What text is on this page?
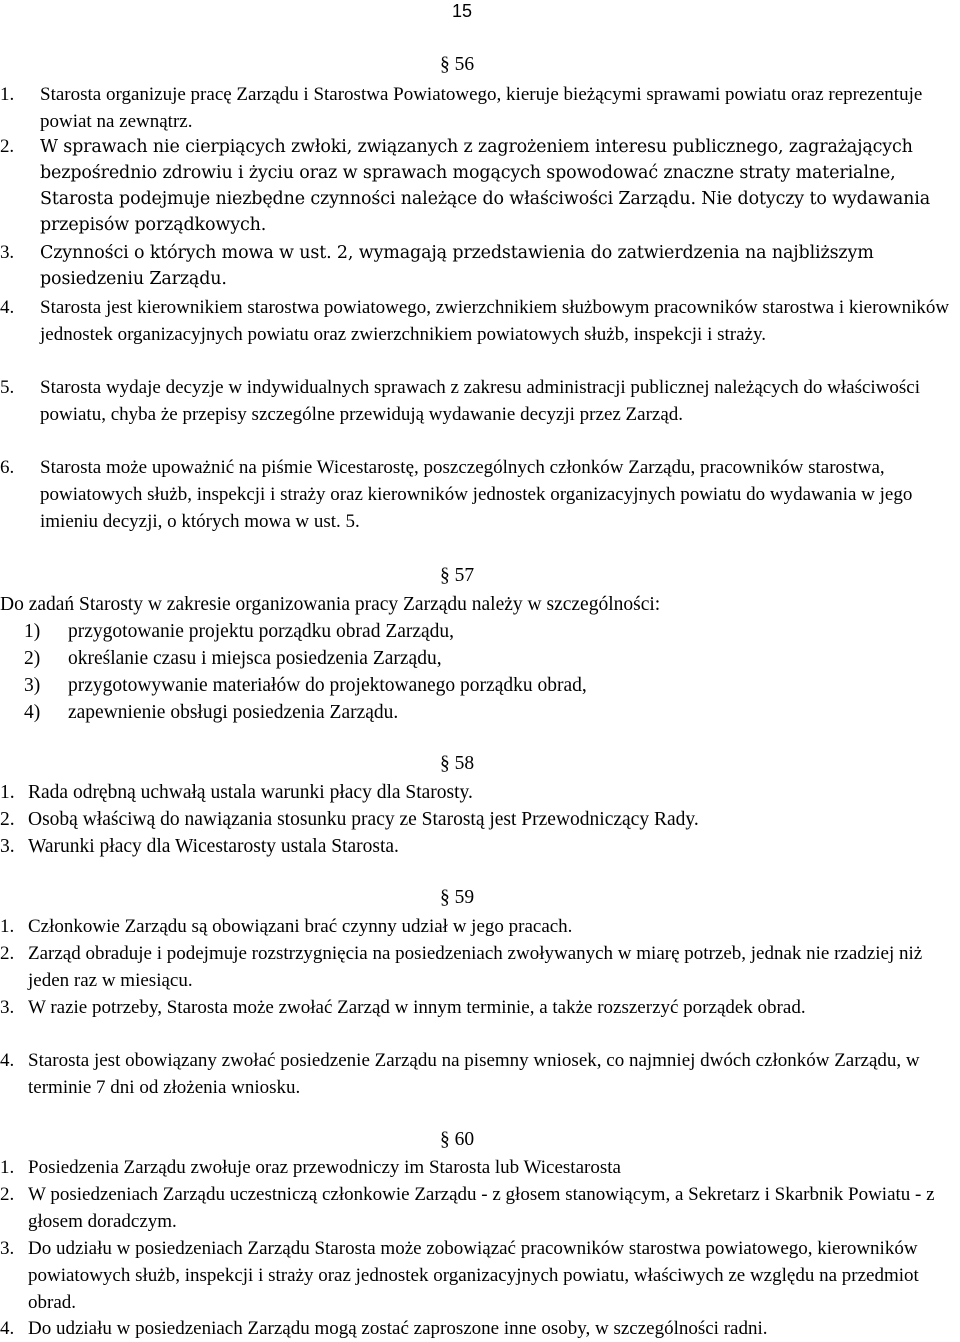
15
§ 56
1.	Starosta organizuje pracę Zarządu i Starostwa Powiatowego, kieruje bieżącymi sprawami powiatu oraz reprezentuje powiat na zewnątrz.
2.	W sprawach nie cierpiących zwłoki, związanych z zagrożeniem interesu publicznego, zagrażających bezpośrednio zdrowiu i życiu oraz w sprawach mogących spowodować znaczne straty materialne, Starosta podejmuje niezbędne czynności należące do właściwości Zarządu. Nie dotyczy to wydawania przepisów porządkowych.
3.	Czynności o których mowa w ust. 2, wymagają przedstawienia do zatwierdzenia na najbliższym posiedzeniu Zarządu.
4.	Starosta jest kierownikiem starostwa powiatowego, zwierzchnikiem służbowym pracowników starostwa i kierowników jednostek organizacyjnych powiatu oraz zwierzchnikiem powiatowych służb, inspekcji i straży.
5.	Starosta wydaje decyzje w indywidualnych sprawach z zakresu administracji publicznej należących do właściwości powiatu, chyba że przepisy szczególne przewidują wydawanie decyzji przez Zarząd.
6.	Starosta może upoważnić na piśmie Wicestarostę, poszczególnych członków Zarządu, pracowników starostwa, powiatowych służb, inspekcji i straży oraz kierowników jednostek organizacyjnych powiatu do wydawania w jego imieniu decyzji, o których mowa w ust. 5.
§ 57
Do zadań Starosty w zakresie organizowania pracy Zarządu należy w szczególności:
1) przygotowanie projektu porządku obrad Zarządu,
2) określanie czasu i miejsca posiedzenia Zarządu,
3) przygotowywanie materiałów do projektowanego porządku obrad,
4) zapewnienie obsługi posiedzenia Zarządu.
§ 58
1. Rada odrębną uchwałą ustala warunki płacy dla Starosty.
2. Osobą właściwą do nawiązania stosunku pracy ze Starostą jest Przewodniczący Rady.
3. Warunki płacy dla Wicestarosty ustala Starosta.
§ 59
1. Członkowie Zarządu są obowiązani brać czynny udział w jego pracach.
2. Zarząd obraduje i podejmuje rozstrzygnięcia na posiedzeniach zwoływanych w miarę potrzeb, jednak nie rzadziej niż jeden raz w miesiącu.
3. W razie potrzeby, Starosta może zwołać Zarząd w innym terminie, a także rozszerzyć porządek obrad.
4. Starosta jest obowiązany zwołać posiedzenie Zarządu na pisemny wniosek, co najmniej dwóch członków Zarządu, w terminie 7 dni od złożenia wniosku.
§ 60
1. Posiedzenia Zarządu zwołuje oraz przewodniczy im Starosta lub Wicestarosta
2. W posiedzeniach Zarządu uczestniczą członkowie Zarządu - z głosem stanowiącym, a Sekretarz i Skarbnik Powiatu - z głosem doradczym.
3. Do udziału w posiedzeniach Zarządu Starosta może zobowiązać pracowników starostwa powiatowego, kierowników powiatowych służb, inspekcji i straży oraz jednostek organizacyjnych powiatu, właściwych ze względu na przedmiot obrad.
4. Do udziału w posiedzeniach Zarządu mogą zostać zaproszone inne osoby, w szczególności radni.
